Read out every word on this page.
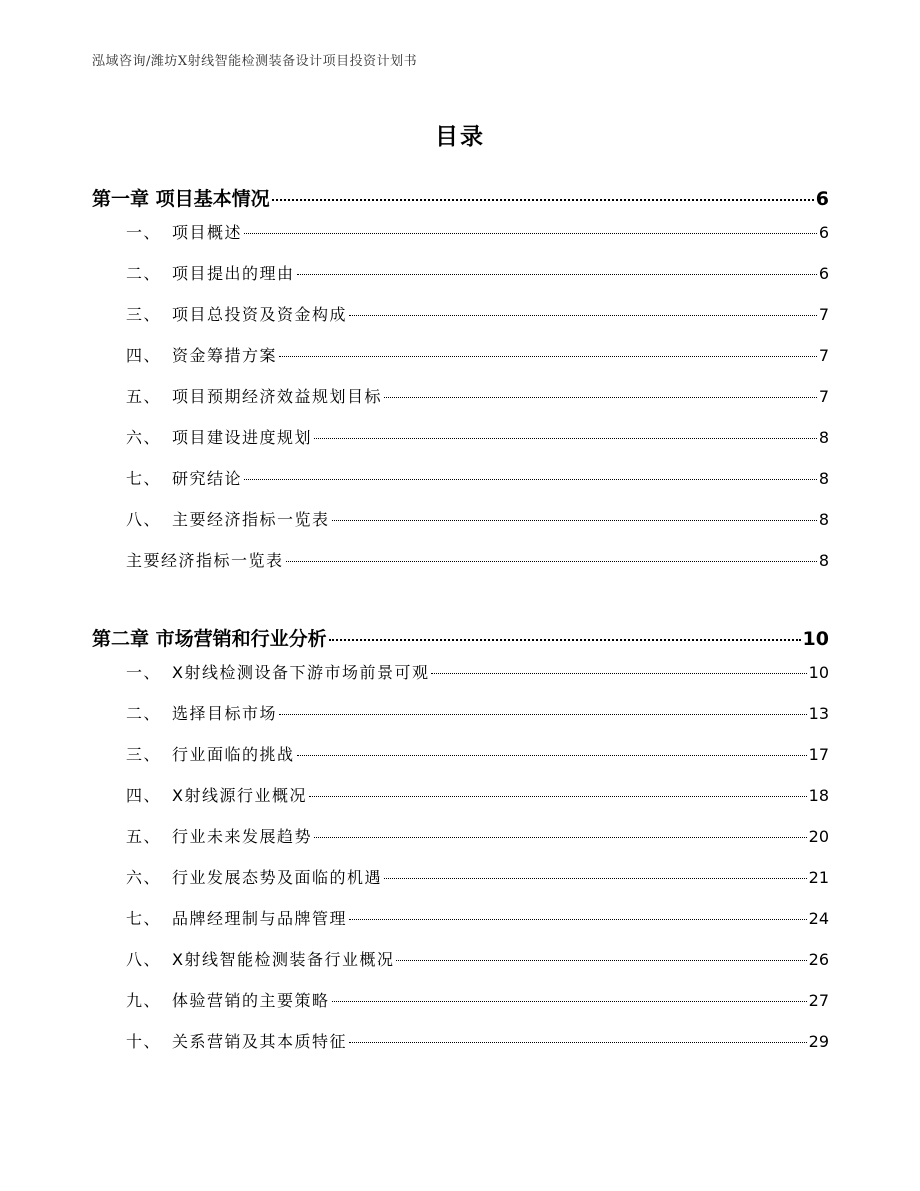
泓域咨询/潍坊X射线智能检测装备设计项目投资计划书
目录
第一章 项目基本情况	6
一、 项目概述	6
二、 项目提出的理由	6
三、 项目总投资及资金构成	7
四、 资金筹措方案	7
五、 项目预期经济效益规划目标	7
六、 项目建设进度规划	8
七、 研究结论	8
八、 主要经济指标一览表	8
主要经济指标一览表	8
第二章 市场营销和行业分析	10
一、 X射线检测设备下游市场前景可观	10
二、 选择目标市场	13
三、 行业面临的挑战	17
四、 X射线源行业概况	18
五、 行业未来发展趋势	20
六、 行业发展态势及面临的机遇	21
七、 品牌经理制与品牌管理	24
八、 X射线智能检测装备行业概况	26
九、 体验营销的主要策略	27
十、 关系营销及其本质特征	29
